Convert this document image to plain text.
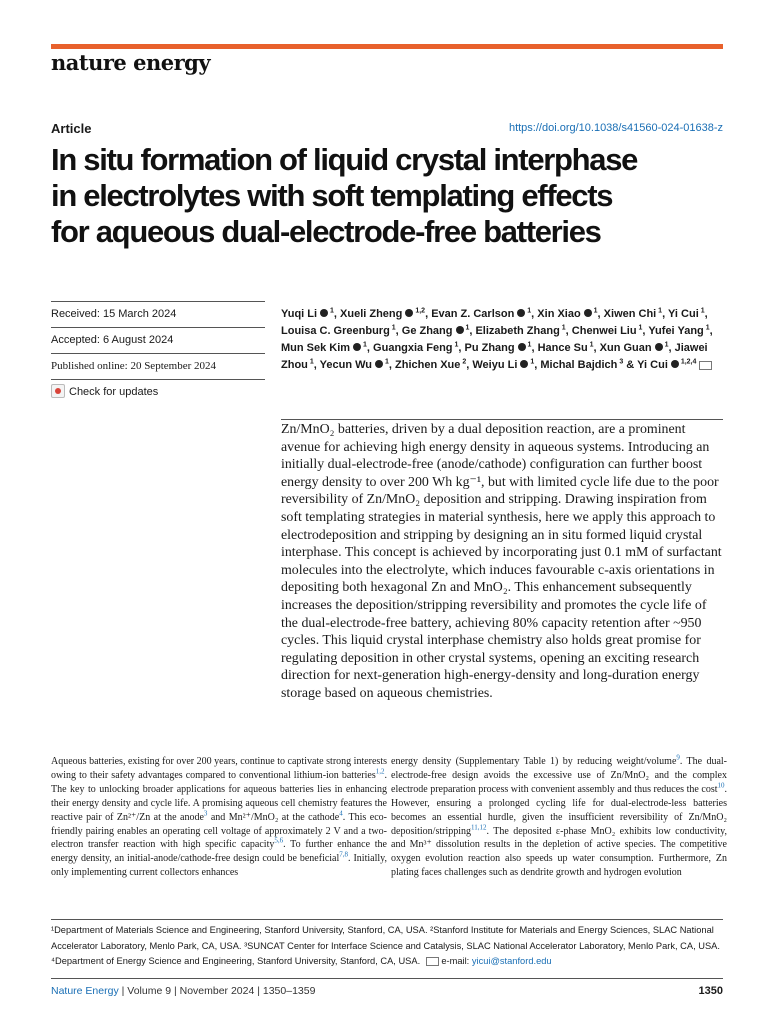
nature energy
Article	https://doi.org/10.1038/s41560-024-01638-z
In situ formation of liquid crystal interphase
in electrolytes with soft templating effects
for aqueous dual-electrode-free batteries
Received: 15 March 2024
Accepted: 6 August 2024
Published online: 20 September 2024
Check for updates
Yuqi Li $^1$, Xueli Zheng $^{1,2}$, Evan Z. Carlson $^1$, Xin Xiao $^1$, Xiwen Chi $^1$, Yi Cui $^1$, Louisa C. Greenburg $^1$, Ge Zhang $^1$, Elizabeth Zhang $^1$, Chenwei Liu $^1$, Yufei Yang $^1$, Mun Sek Kim $^1$, Guangxia Feng $^1$, Pu Zhang $^1$, Hance Su $^1$, Xun Guan $^1$, Jiawei Zhou $^1$, Yecun Wu $^1$, Zhichen Xue $^2$, Weiyu Li $^1$, Michal Bajdich $^3$ & Yi Cui $^{1,2,4}$

Zn/MnO₂ batteries, driven by a dual deposition reaction, are a prominent avenue for achieving high energy density in aqueous systems. Introducing an initially dual-electrode-free (anode/cathode) configuration can further boost energy density to over 200 Wh kg⁻¹, but with limited cycle life due to the poor reversibility of Zn/MnO₂ deposition and stripping. Drawing inspiration from soft templating strategies in material synthesis, here we apply this approach to electrodeposition and stripping by designing an in situ formed liquid crystal interphase. This concept is achieved by incorporating just 0.1 mM of surfactant molecules into the electrolyte, which induces favourable c-axis orientations in depositing both hexagonal Zn and MnO₂. This enhancement subsequently increases the deposition/stripping reversibility and promotes the cycle life of the dual-electrode-free battery, achieving 80% capacity retention after ~950 cycles. This liquid crystal interphase chemistry also holds great promise for regulating deposition in other crystal systems, opening an exciting research direction for next-generation high-energy-density and long-duration energy storage based on aqueous chemistries.

Aqueous batteries, existing for over 200 years, continue to captivate strong interests owing to their safety advantages compared to conventional lithium-ion batteries$^{1,2}$. The key to unlocking broader applications for aqueous batteries lies in enhancing their energy density and cycle life. A promising aqueous cell chemistry features the reactive pair of Zn²⁺/Zn at the anode$^3$ and Mn²⁺/MnO₂ at the cathode$^4$. This eco-friendly pairing enables an operating cell voltage of approximately 2 V and a two-electron transfer reaction with high specific capacity$^{5,6}$. To further enhance the energy density, an initial-anode/cathode-free design could be beneficial$^{7,8}$. Initially, only implementing current collectors enhances

energy density (Supplementary Table 1) by reducing weight/volume$^9$. The dual-electrode-free design avoids the excessive use of Zn/MnO₂ and the complex electrode preparation process with convenient assembly and thus reduces the cost$^{10}$. However, ensuring a prolonged cycling life for dual-electrode-less batteries becomes an essential hurdle, given the insufficient reversibility of Zn/MnO₂ deposition/stripping$^{11,12}$. The deposited ε-phase MnO₂ exhibits low conductivity, and Mn³⁺ dissolution results in the depletion of active species. The competitive oxygen evolution reaction also speeds up water consumption. Furthermore, Zn plating faces challenges such as dendrite growth and hydrogen evolution

¹Department of Materials Science and Engineering, Stanford University, Stanford, CA, USA. ²Stanford Institute for Materials and Energy Sciences, SLAC National Accelerator Laboratory, Menlo Park, CA, USA. ³SUNCAT Center for Interface Science and Catalysis, SLAC National Accelerator Laboratory, Menlo Park, CA, USA. ⁴Department of Energy Science and Engineering, Stanford University, Stanford, CA, USA. e-mail: yicui@stanford.edu

Nature Energy | Volume 9 | November 2024 | 1350–1359	1350
